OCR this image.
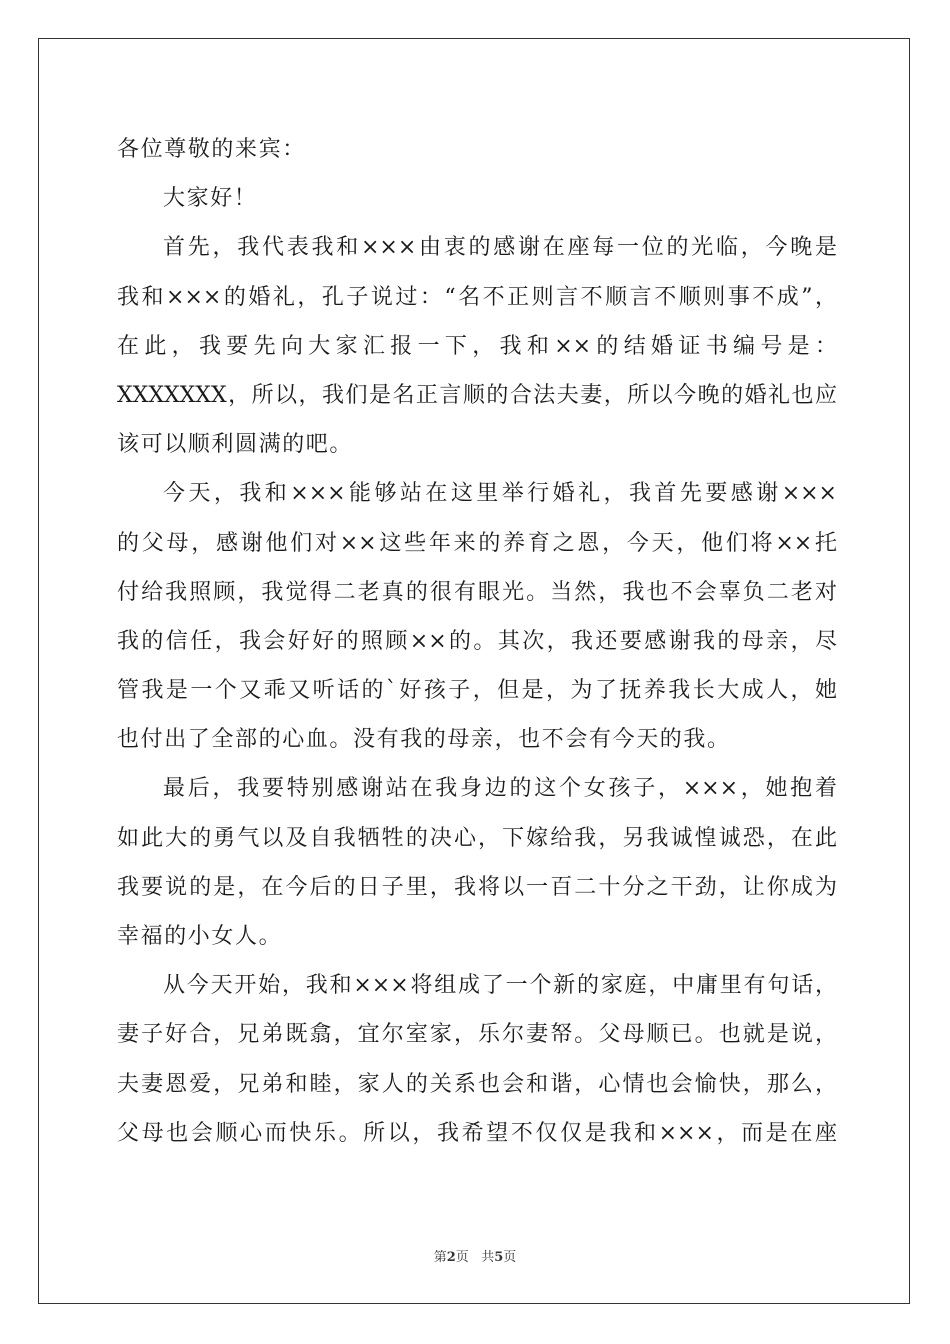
各位尊敬的来宾：
大家好！
首先，我代表我和×××由衷的感谢在座每一位的光临，今晚是
我和×××的婚礼，孔子说过：“名不正则言不顺言不顺则事不成”，
在此，我要先向大家汇报一下，我和××的结婚证书编号是：
XXXXXXX，所以，我们是名正言顺的合法夫妻，所以今晚的婚礼也应
该可以顺利圆满的吧。
今天，我和×××能够站在这里举行婚礼，我首先要感谢×××
的父母，感谢他们对××这些年来的养育之恩，今天，他们将××托
付给我照顾，我觉得二老真的很有眼光。当然，我也不会辜负二老对
我的信任，我会好好的照顾××的。其次，我还要感谢我的母亲，尽
管我是一个又乖又听话的`好孩子，但是，为了抚养我长大成人，她
也付出了全部的心血。没有我的母亲，也不会有今天的我。
最后，我要特别感谢站在我身边的这个女孩子，×××，她抱着
如此大的勇气以及自我牺牲的决心，下嫁给我，另我诚惶诚恐，在此
我要说的是，在今后的日子里，我将以一百二十分之干劲，让你成为
幸福的小女人。
从今天开始，我和×××将组成了一个新的家庭，中庸里有句话，
妻子好合，兄弟既翕，宜尔室家，乐尔妻帑。父母顺已。也就是说，
夫妻恩爱，兄弟和睦，家人的关系也会和谐，心情也会愉快，那么，
父母也会顺心而快乐。所以，我希望不仅仅是我和×××，而是在座
第2页 共5页
